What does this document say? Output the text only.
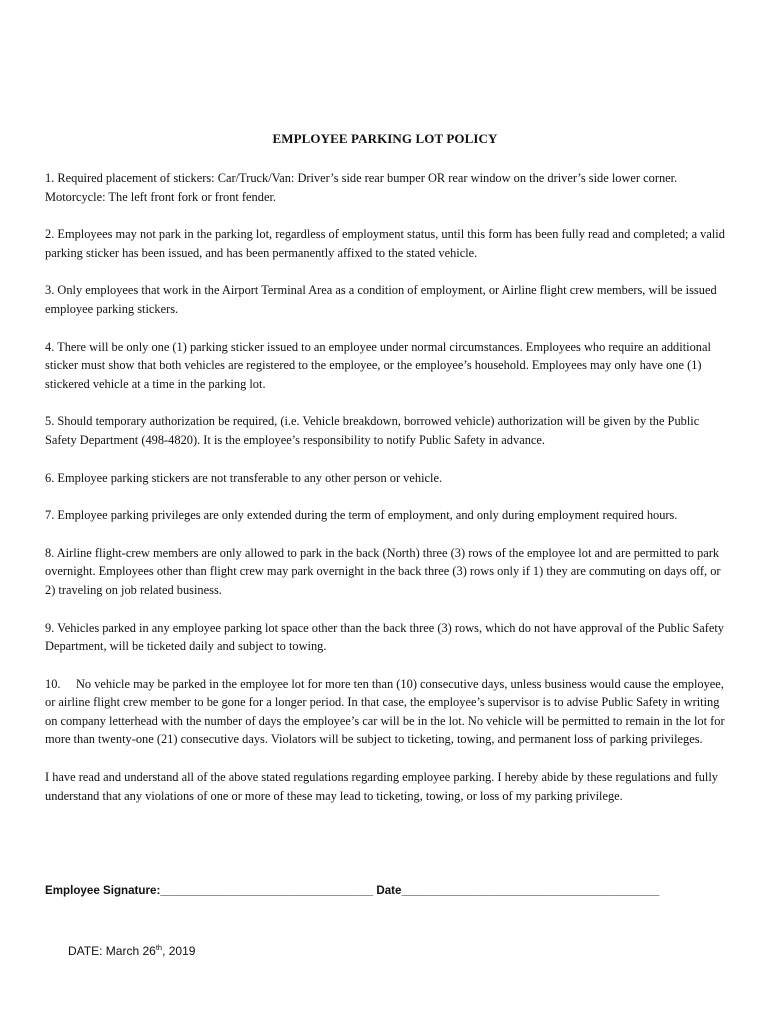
EMPLOYEE PARKING LOT POLICY

1. Required placement of stickers: Car/Truck/Van: Driver’s side rear bumper OR rear window on the driver’s side lower corner. Motorcycle: The left front fork or front fender.

2. Employees may not park in the parking lot, regardless of employment status, until this form has been fully read and completed; a valid parking sticker has been issued, and has been permanently affixed to the stated vehicle.

3. Only employees that work in the Airport Terminal Area as a condition of employment, or Airline flight crew members, will be issued employee parking stickers.

4. There will be only one (1) parking sticker issued to an employee under normal circumstances. Employees who require an additional sticker must show that both vehicles are registered to the employee, or the employee’s household. Employees may only have one (1) stickered vehicle at a time in the parking lot.

5. Should temporary authorization be required, (i.e. Vehicle breakdown, borrowed vehicle) authorization will be given by the Public Safety Department (498-4820). It is the employee’s responsibility to notify Public Safety in advance.

6. Employee parking stickers are not transferable to any other person or vehicle.

7. Employee parking privileges are only extended during the term of employment, and only during employment required hours.

8. Airline flight-crew members are only allowed to park in the back (North) three (3) rows of the employee lot and are permitted to park overnight. Employees other than flight crew may park overnight in the back three (3) rows only if 1) they are commuting on days off, or 2) traveling on job related business.

9. Vehicles parked in any employee parking lot space other than the back three (3) rows, which do not have approval of the Public Safety Department, will be ticketed daily and subject to towing.

10.     No vehicle may be parked in the employee lot for more ten than (10) consecutive days, unless business would cause the employee, or airline flight crew member to be gone for a longer period. In that case, the employee’s supervisor is to advise Public Safety in writing on company letterhead with the number of days the employee’s car will be in the lot. No vehicle will be permitted to remain in the lot for more than twenty-one (21) consecutive days. Violators will be subject to ticketing, towing, and permanent loss of parking privileges.

I have read and understand all of the above stated regulations regarding employee parking. I hereby abide by these regulations and fully understand that any violations of one or more of these may lead to ticketing, towing, or loss of my parking privilege.

Employee Signature:_________________________________ Date________________________________________
DATE: March 26th, 2019
